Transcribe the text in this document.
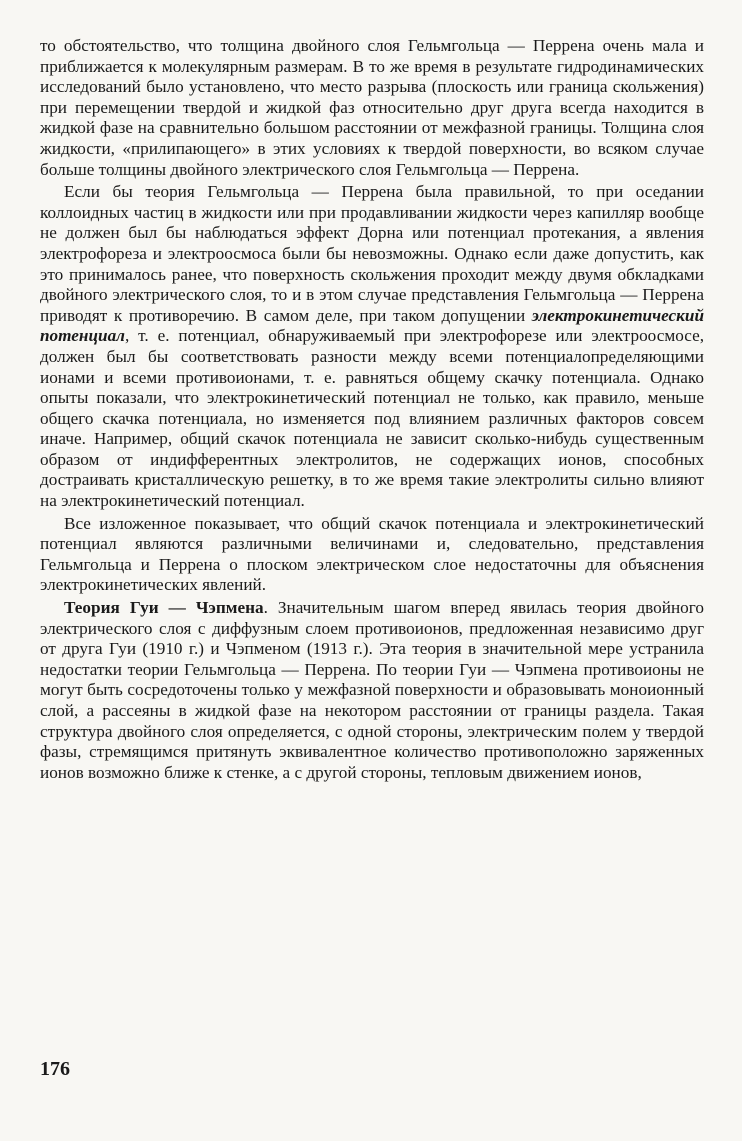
то обстоятельство, что толщина двойного слоя Гельмгольца — Перрена очень мала и приближается к молекулярным размерам. В то же время в результате гидродинамических исследований было установлено, что место разрыва (плоскость или граница скольжения) при перемещении твердой и жидкой фаз относительно друг друга всегда находится в жидкой фазе на сравнительно большом расстоянии от межфазной границы. Толщина слоя жидкости, «прилипающего» в этих условиях к твердой поверхности, во всяком случае больше толщины двойного электрического слоя Гельмгольца — Перрена.

Если бы теория Гельмгольца — Перрена была правильной, то при оседании коллоидных частиц в жидкости или при продавливании жидкости через капилляр вообще не должен был бы наблюдаться эффект Дорна или потенциал протекания, а явления электрофореза и электроосмоса были бы невозможны. Однако если даже допустить, как это принималось ранее, что поверхность скольжения проходит между двумя обкладками двойного электрического слоя, то и в этом случае представления Гельмгольца — Перрена приводят к противоречию. В самом деле, при таком допущении электрокинетический потенциал, т. е. потенциал, обнаруживаемый при электрофорезе или электроосмосе, должен был бы соответствовать разности между всеми потенциалопределяющими ионами и всеми противоионами, т. е. равняться общему скачку потенциала. Однако опыты показали, что электрокинетический потенциал не только, как правило, меньше общего скачка потенциала, но изменяется под влиянием различных факторов совсем иначе. Например, общий скачок потенциала не зависит сколько-нибудь существенным образом от индифферентных электролитов, не содержащих ионов, способных достраивать кристаллическую решетку, в то же время такие электролиты сильно влияют на электрокинетический потенциал.

Все изложенное показывает, что общий скачок потенциала и электрокинетический потенциал являются различными величинами и, следовательно, представления Гельмгольца и Перрена о плоском электрическом слое недостаточны для объяснения электрокинетических явлений.

Теория Гуи — Чэпмена. Значительным шагом вперед явилась теория двойного электрического слоя с диффузным слоем противоионов, предложенная независимо друг от друга Гуи (1910 г.) и Чэпменом (1913 г.). Эта теория в значительной мере устранила недостатки теории Гельмгольца — Перрена. По теории Гуи — Чэпмена противоионы не могут быть сосредоточены только у межфазной поверхности и образовывать моноионный слой, а рассеяны в жидкой фазе на некотором расстоянии от границы раздела. Такая структура двойного слоя определяется, с одной стороны, электрическим полем у твердой фазы, стремящимся притянуть эквивалентное количество противоположно заряженных ионов возможно ближе к стенке, а с другой стороны, тепловым движением ионов,

176
